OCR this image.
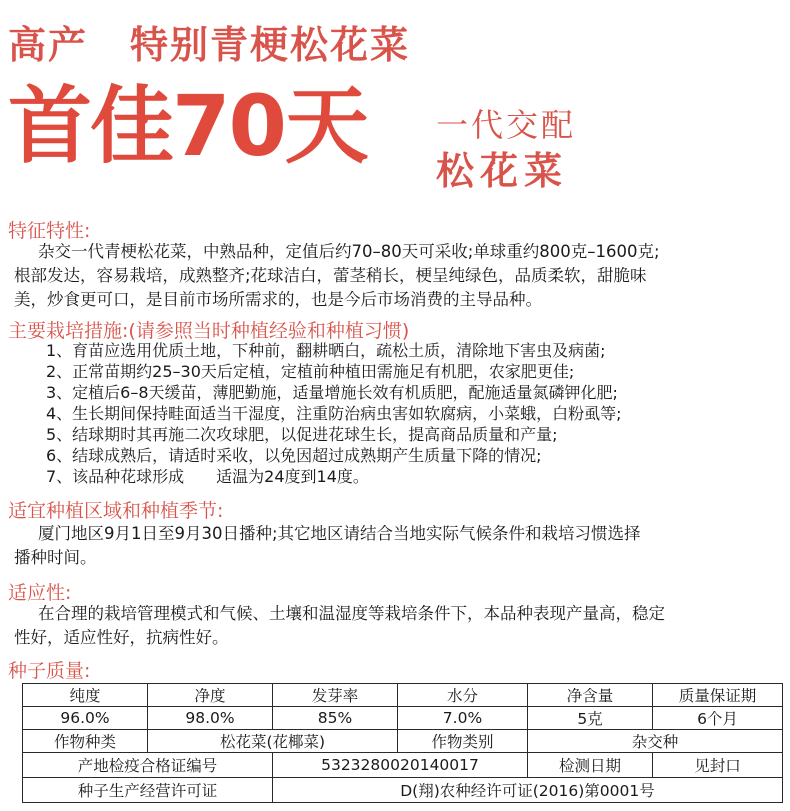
高产 特别青梗松花菜
首佳70天 一代交配
松花菜
特征特性:
杂交一代青梗松花菜，中熟品种，定值后约70–80天可采收;单球重约800克–1600克;
根部发达，容易栽培，成熟整齐;花球洁白，蕾茎稍长，梗呈纯绿色，品质柔软，甜脆味
美，炒食更可口，是目前市场所需求的，也是今后市场消费的主导品种。
主要栽培措施:(请参照当时种植经验和种植习惯)
1、育苗应选用优质土地，下种前，翻耕晒白，疏松土质，清除地下害虫及病菌;
2、正常苗期约25–30天后定植，定植前种植田需施足有机肥，农家肥更佳;
3、定植后6–8天缓苗，薄肥勤施，适量增施长效有机质肥，配施适量氮磷钾化肥;
4、生长期间保持畦面适当干湿度，注重防治病虫害如软腐病，小菜蛾，白粉虱等;
5、结球期时其再施二次攻球肥，以促进花球生长，提高商品质量和产量;
6、结球成熟后，请适时采收，以免因超过成熟期产生质量下降的情况;
7、该品种花球形成　　适温为24度到14度。
适宜种植区域和种植季节:
厦门地区9月1日至9月30日播种;其它地区请结合当地实际气候条件和栽培习惯选择
播种时间。
适应性:
在合理的栽培管理模式和气候、土壤和温湿度等栽培条件下，本品种表现产量高，稳定
性好，适应性好，抗病性好。
种子质量:
纯度	净度	发芽率	水分	净含量	质量保证期
96.0%	98.0%	85%	7.0%	5克	6个月
作物种类	松花菜(花椰菜)		作物类别	杂交种	
产地检疫合格证编号		5323280020140017		检测日期	见封口
种子生产经营许可证		D(翔)农种经许可证(2016)第0001号			
